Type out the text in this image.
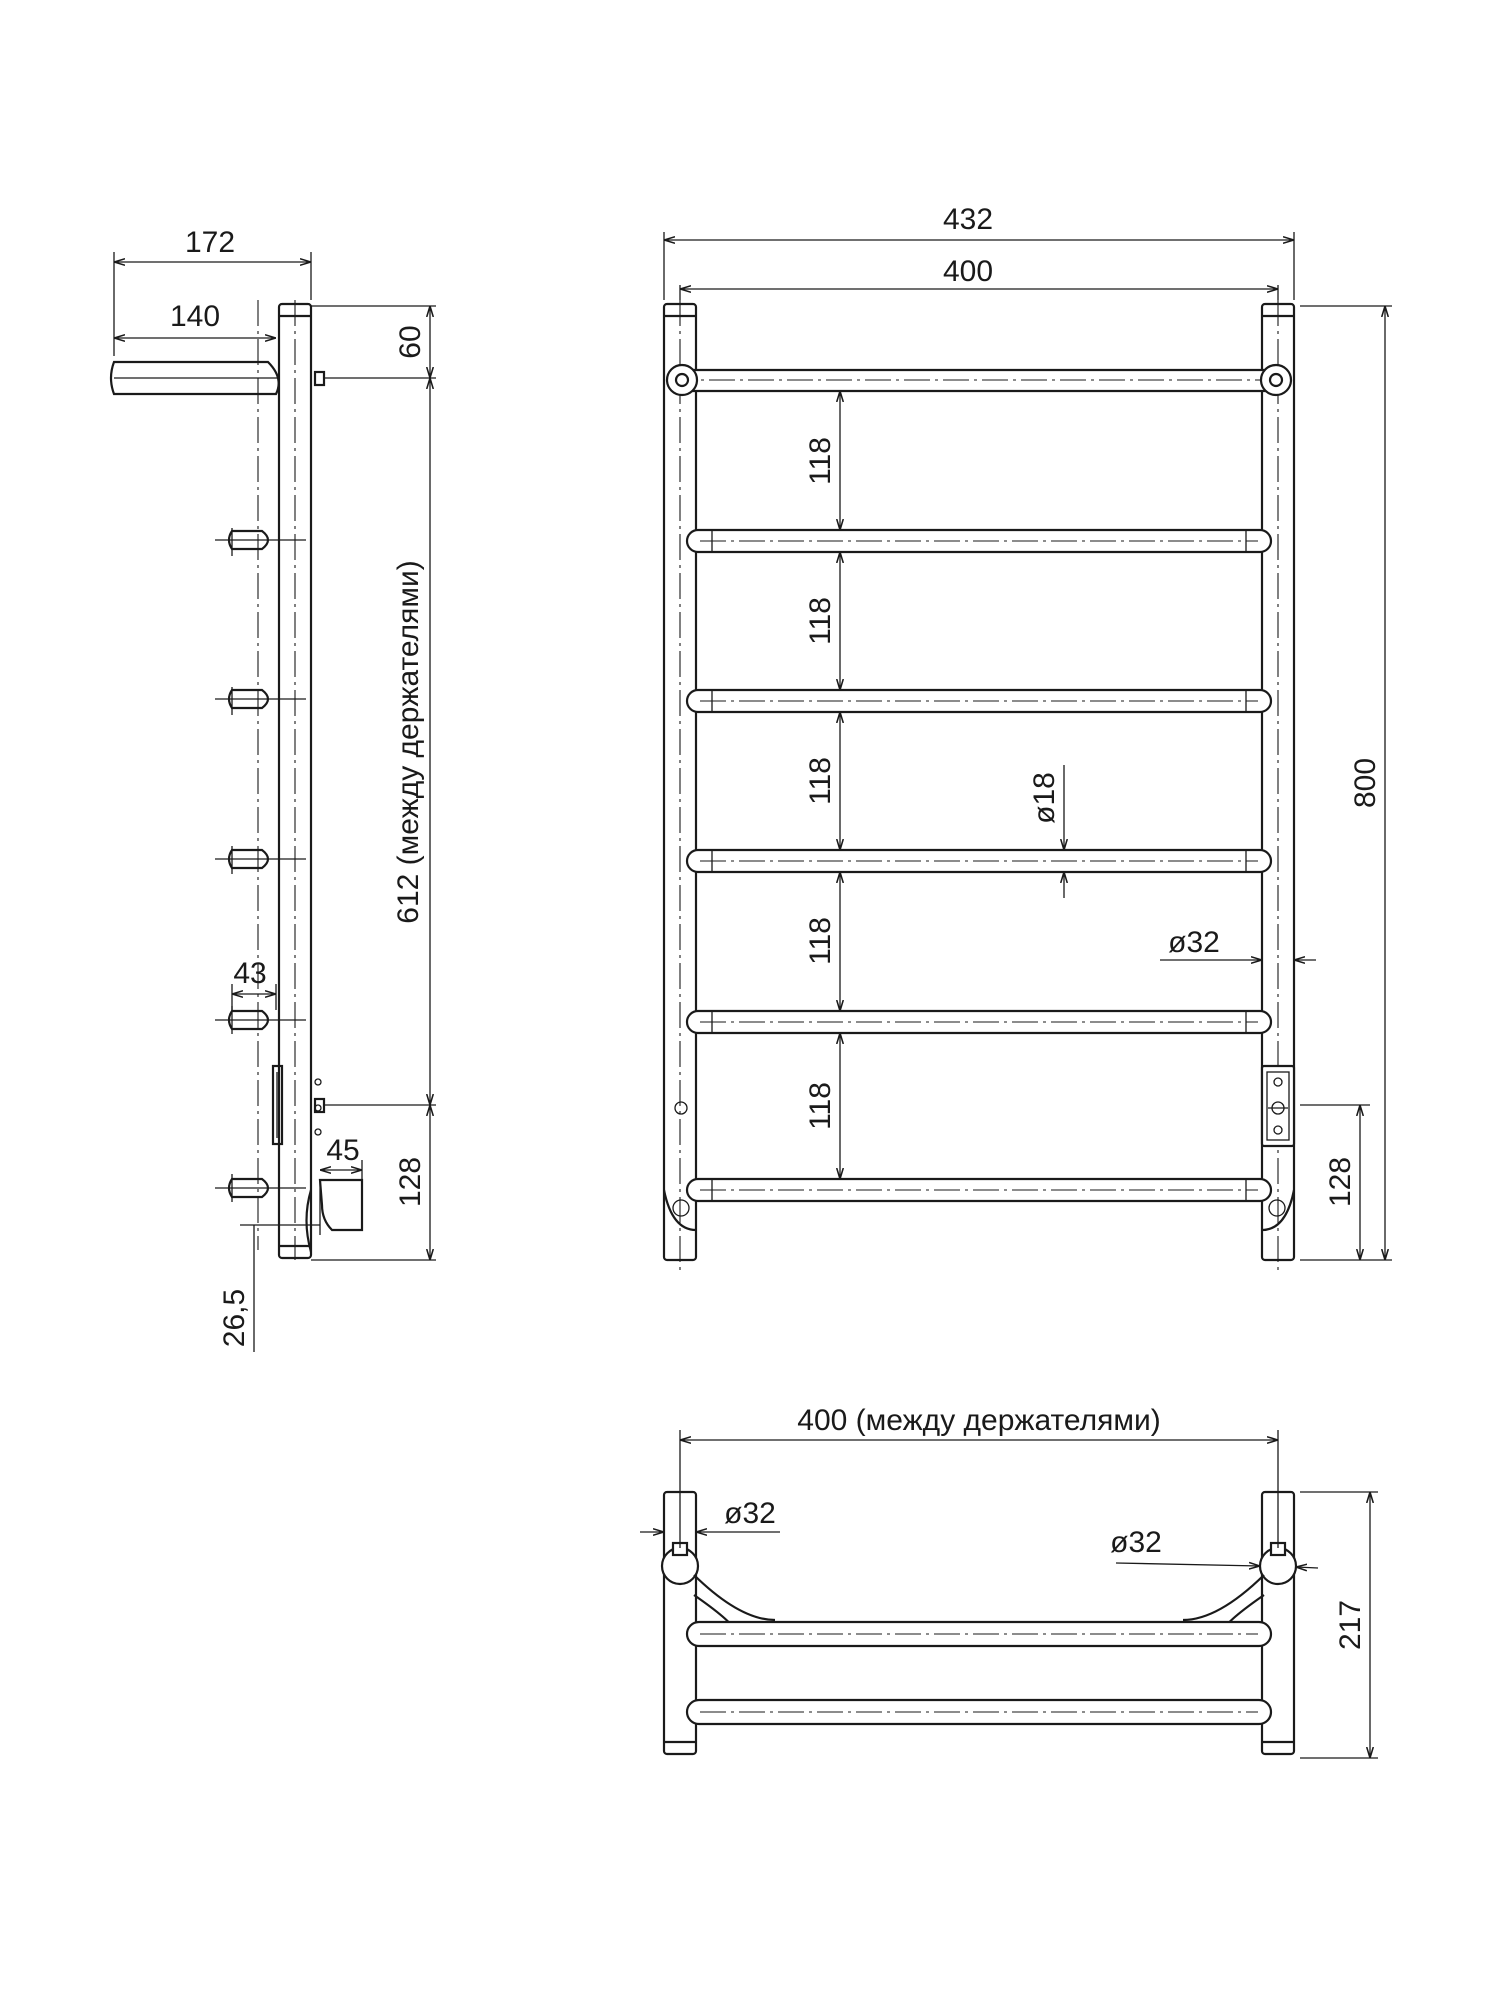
172
140
60
612 (между держателями)
128
43
45
26,5
432
400
800
128
118
118
118
118
118
ø18
ø32
400 (между держателями)
217
ø32
ø32
